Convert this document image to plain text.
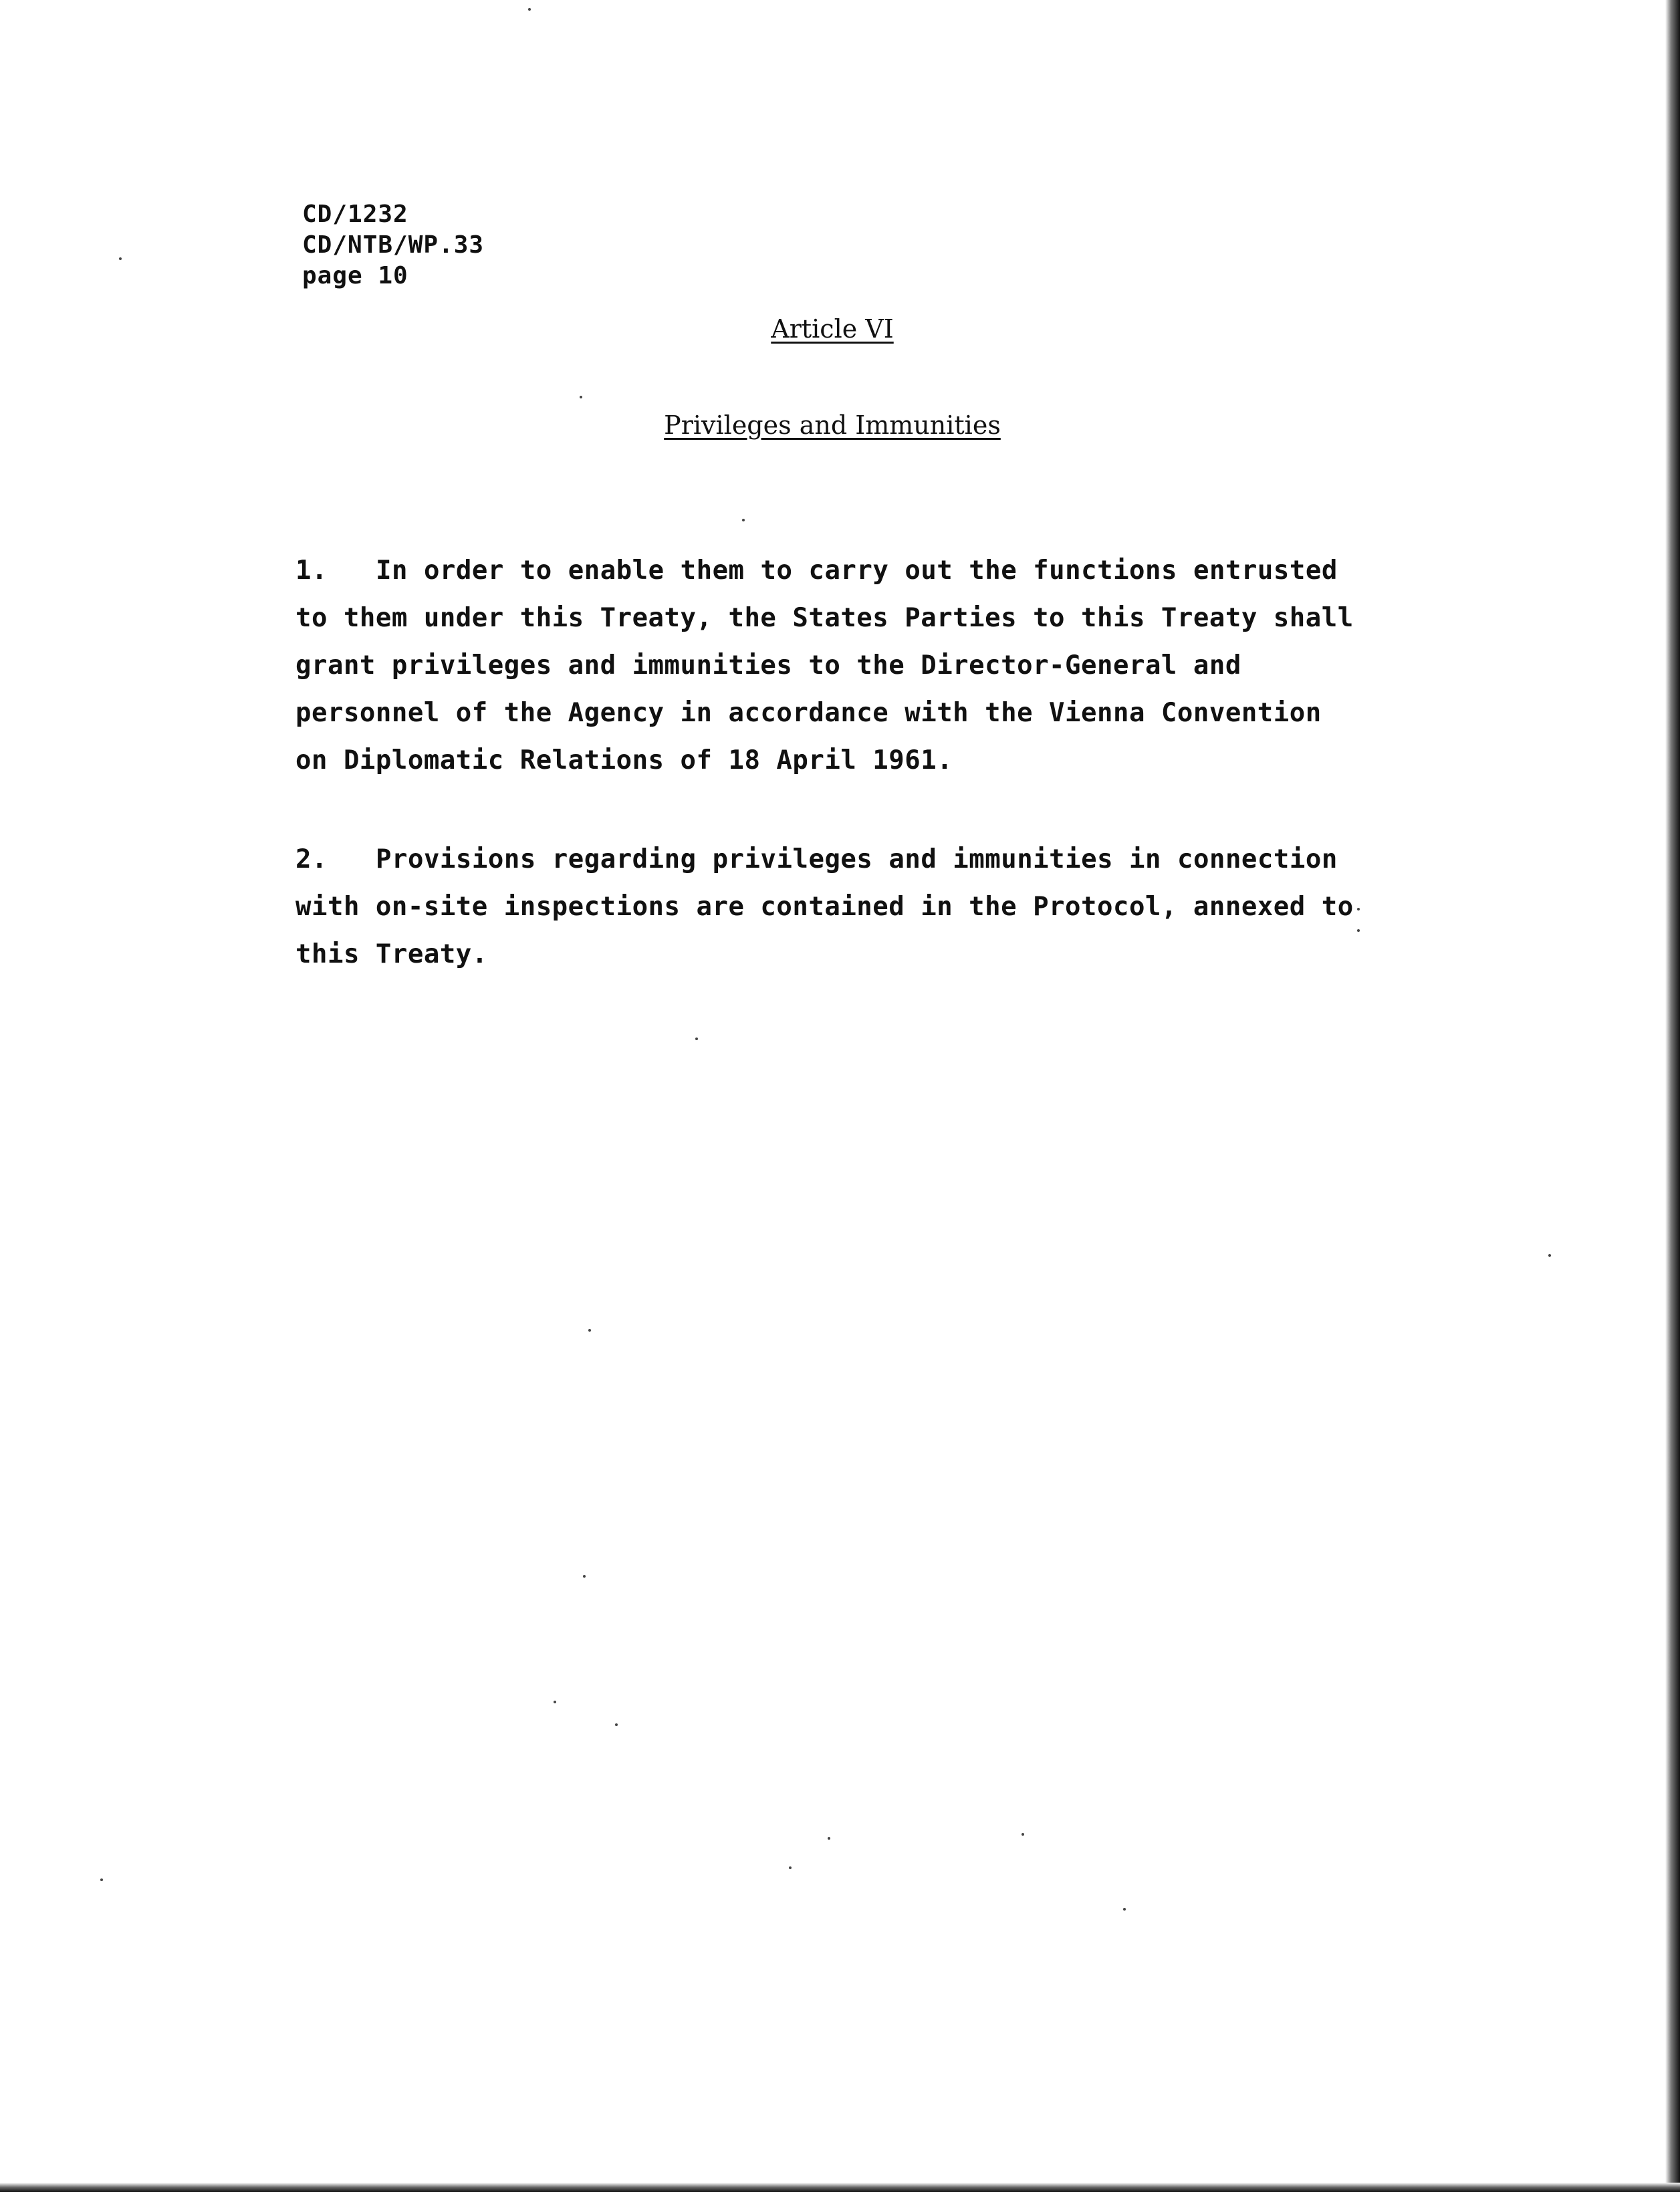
CD/1232
CD/NTB/WP.33
page 10
Article VI
Privileges and Immunities
1. In order to enable them to carry out the functions entrusted
to them under this Treaty, the States Parties to this Treaty shall
grant privileges and immunities to the Director-General and
personnel of the Agency in accordance with the Vienna Convention
on Diplomatic Relations of 18 April 1961.
2. Provisions regarding privileges and immunities in connection
with on-site inspections are contained in the Protocol, annexed to
this Treaty.
